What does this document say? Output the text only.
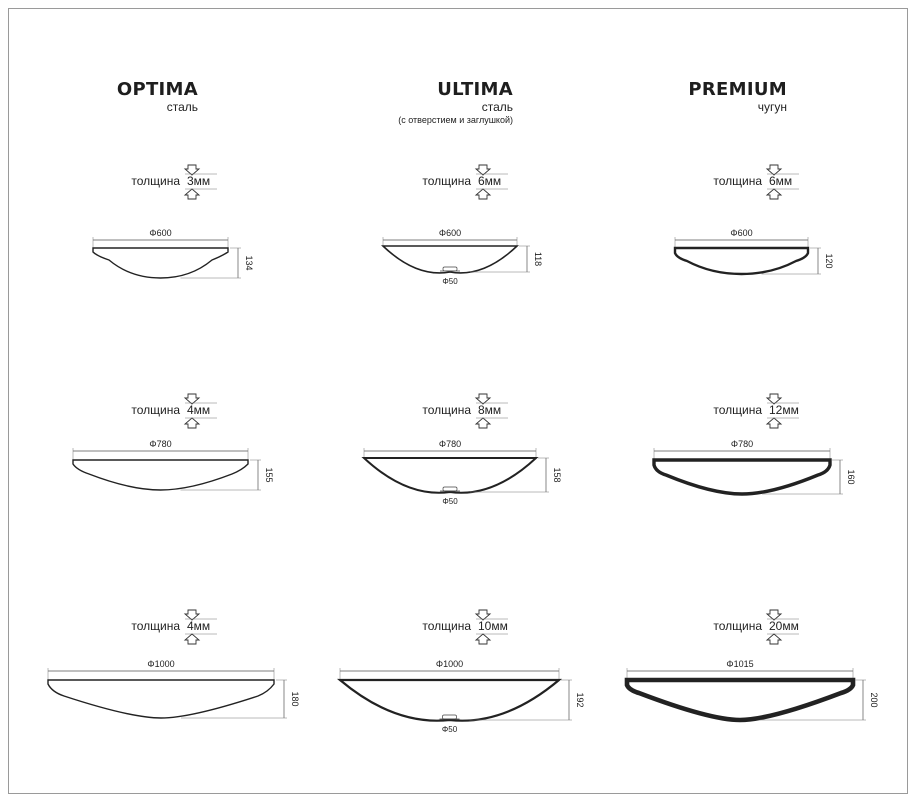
OPTIMA
сталь
ULTIMA
сталь
(с отверстием и заглушкой)
PREMIUM
чугун
толщина 3мм
Φ600
134
толщина 4мм
Φ780
155
толщина 4мм
Φ1000
180
толщина 6мм
Φ600
Φ50
118
толщина 8мм
Φ780
Φ50
158
толщина 10мм
Φ1000
Φ50
192
толщина 6мм
Φ600
120
толщина 12мм
Φ780
160
толщина 20мм
Φ1015
200
